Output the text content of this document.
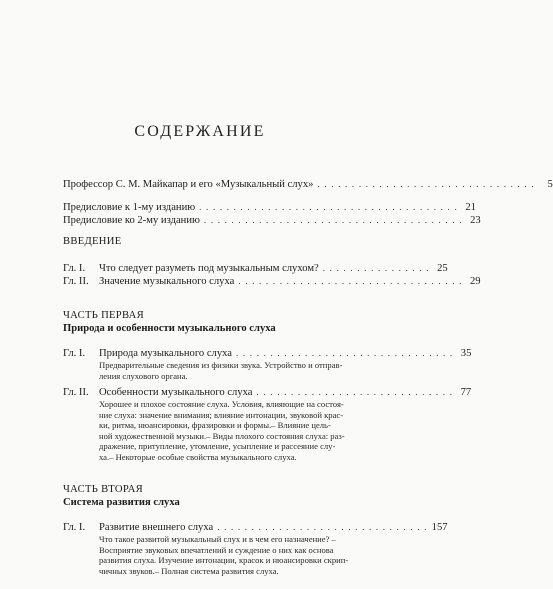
СОДЕРЖАНИЕ
Профессор С. М. Майкапар и его «Музыкальный слух» . . . . . . . . . . . . . . . . . . . . . . . . . . . . . . . .	5
Предисловие к 1-му изданию . . . . . . . . . . . . . . . . . . . . . . . . . . . . . . . . . . . . . . 21
Предисловие ко 2-му изданию . . . . . . . . . . . . . . . . . . . . . . . . . . . . . . . . . . . . . . 23
ВВЕДЕНИЕ
Гл. I.	Что следует разуметь под музыкальным слухом? . . . . . . . . . . . . . . . . 25
Гл. II. Значение музыкального слуха . . . . . . . . . . . . . . . . . . . . . . . . . . . . . . . . . 29
ЧАСТЬ ПЕРВАЯ
Природа и особенности музыкального слуха
Гл. I.	Природа музыкального слуха . . . . . . . . . . . . . . . . . . . . . . . . . . . . . . . . 35
Предварительные сведения из физики звука. Устройство и отправ-
ления слухового органа.
Гл. II. Особенности музыкального слуха . . . . . . . . . . . . . . . . . . . . . . . . . . . . . 77
Хорошее и плохое состояние слуха. Условия, влияющие на состоя-
ние слуха: значение внимания; влияние интонации, звуковой крас-
ки, ритма, нюансировки, фразировки и формы.– Влияние цель-
ной художественной музыки.– Виды плохого состояния слуха: раз-
дражение, притупление, утомление, усыпление и рассеяние слу-
ха.– Некоторые особые свойства музыкального слуха.
ЧАСТЬ ВТОРАЯ
Система развития слуха
Гл. I.	Развитие внешнего слуха . . . . . . . . . . . . . . . . . . . . . . . . . . . . . . . 157
Что такое развитой музыкальный слух и в чем его назначение? –
Восприятие звуковых впечатлений и суждение о них как основа
развития слуха. Изучение интонации, красок и нюансировки скрип-
чичных звуков.– Полная система развития слуха.
